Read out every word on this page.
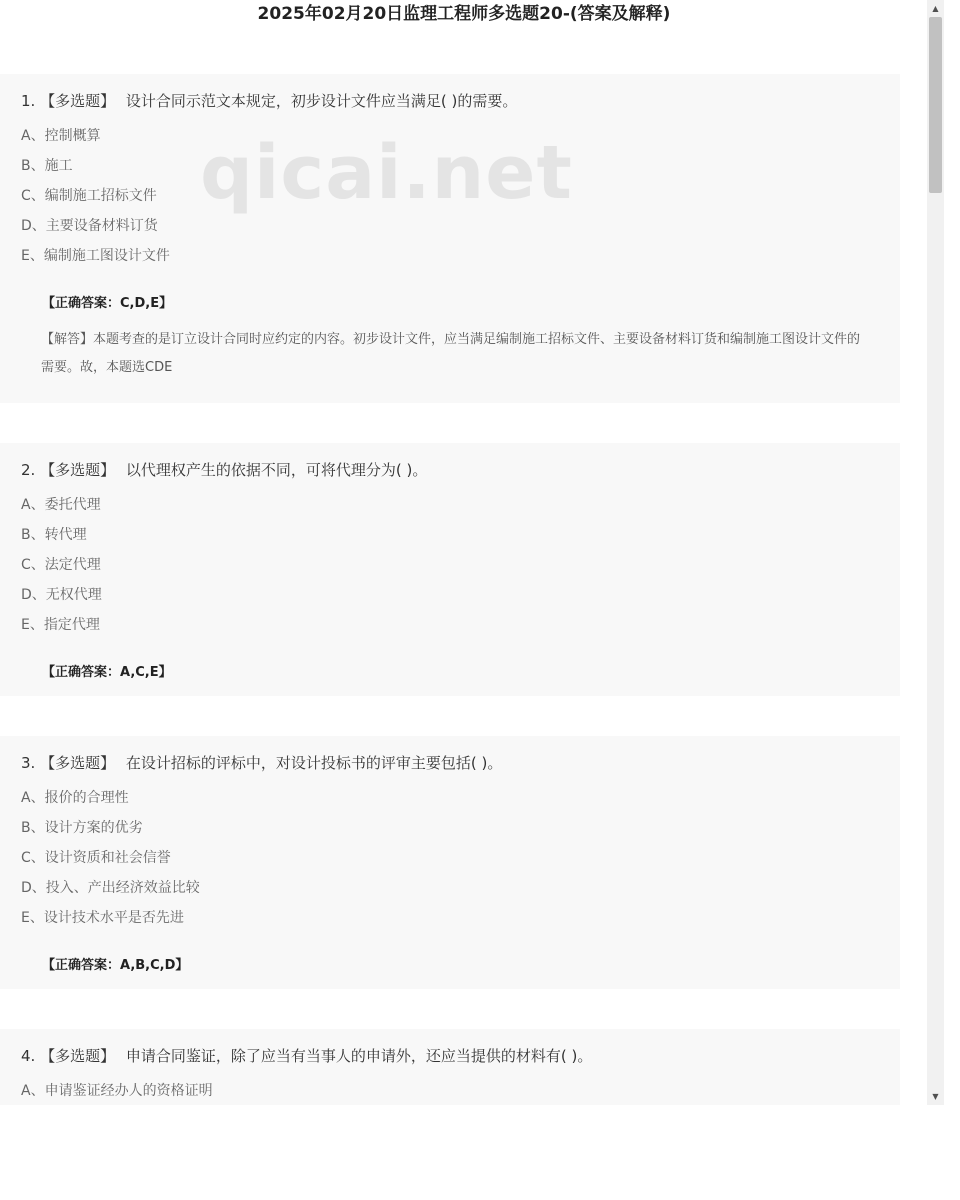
2025年02月20日监理工程师多选题20-(答案及解释)
1. 【多选题】 设计合同示范文本规定，初步设计文件应当满足( )的需要。
A、控制概算
B、施工
C、编制施工招标文件
D、主要设备材料订货
E、编制施工图设计文件
【正确答案：C,D,E】
【解答】本题考查的是订立设计合同时应约定的内容。初步设计文件，应当满足编制施工招标文件、主要设备材料订货和编制施工图设计文件的需要。故，本题选CDE
2. 【多选题】 以代理权产生的依据不同，可将代理分为( )。
A、委托代理
B、转代理
C、法定代理
D、无权代理
E、指定代理
【正确答案：A,C,E】
3. 【多选题】 在设计招标的评标中，对设计投标书的评审主要包括( )。
A、报价的合理性
B、设计方案的优劣
C、设计资质和社会信誉
D、投入、产出经济效益比较
E、设计技术水平是否先进
【正确答案：A,B,C,D】
4. 【多选题】 申请合同鉴证，除了应当有当事人的申请外，还应当提供的材料有( )。
A、申请鉴证经办人的资格证明
qicai.net
▲
▼
